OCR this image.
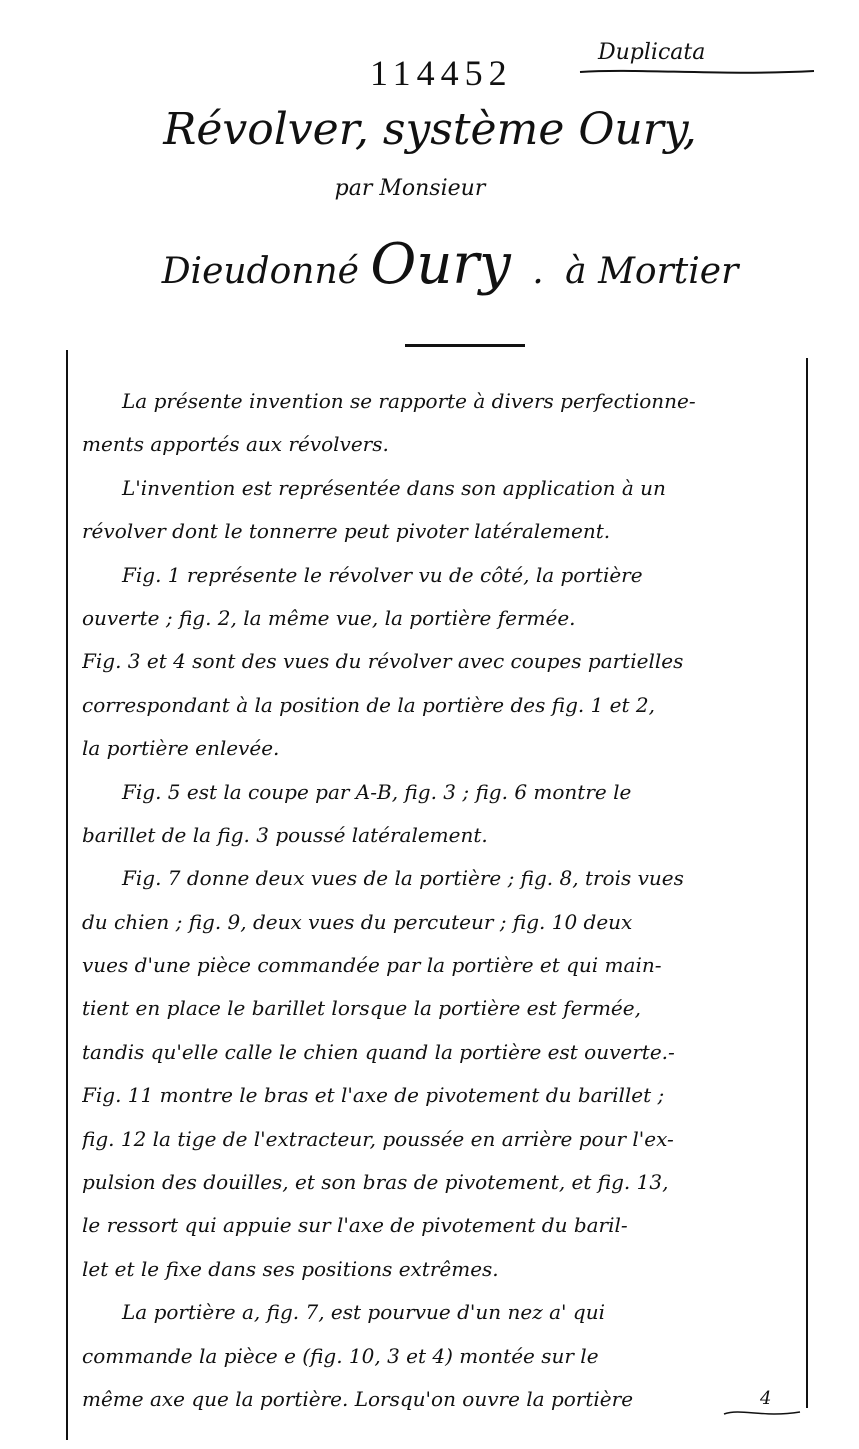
114452
Duplicata
Révolver, système Oury,
par Monsieur
Dieudonné Oury . à Mortier
La présente invention se rapporte à divers perfectionne-
ments apportés aux révolvers.
L'invention est représentée dans son application à un
révolver dont le tonnerre peut pivoter latéralement.
Fig. 1 représente le révolver vu de côté, la portière
ouverte ; fig. 2, la même vue, la portière fermée.
Fig. 3 et 4 sont des vues du révolver avec coupes partielles
correspondant à la position de la portière des fig. 1 et 2,
la portière enlevée.
Fig. 5 est la coupe par A-B, fig. 3 ; fig. 6 montre le
barillet de la fig. 3 poussé latéralement.
Fig. 7 donne deux vues de la portière ; fig. 8, trois vues
du chien ; fig. 9, deux vues du percuteur ; fig. 10 deux
vues d'une pièce commandée par la portière et qui main-
tient en place le barillet lorsque la portière est fermée,
tandis qu'elle calle le chien quand la portière est ouverte.-
Fig. 11 montre le bras et l'axe de pivotement du barillet ;
fig. 12 la tige de l'extracteur, poussée en arrière pour l'ex-
pulsion des douilles, et son bras de pivotement, et fig. 13,
le ressort qui appuie sur l'axe de pivotement du baril-
let et le fixe dans ses positions extrêmes.
La portière a, fig. 7, est pourvue d'un nez a' qui
commande la pièce e (fig. 10, 3 et 4) montée sur le
même axe que la portière. Lorsqu'on ouvre la portière	4
